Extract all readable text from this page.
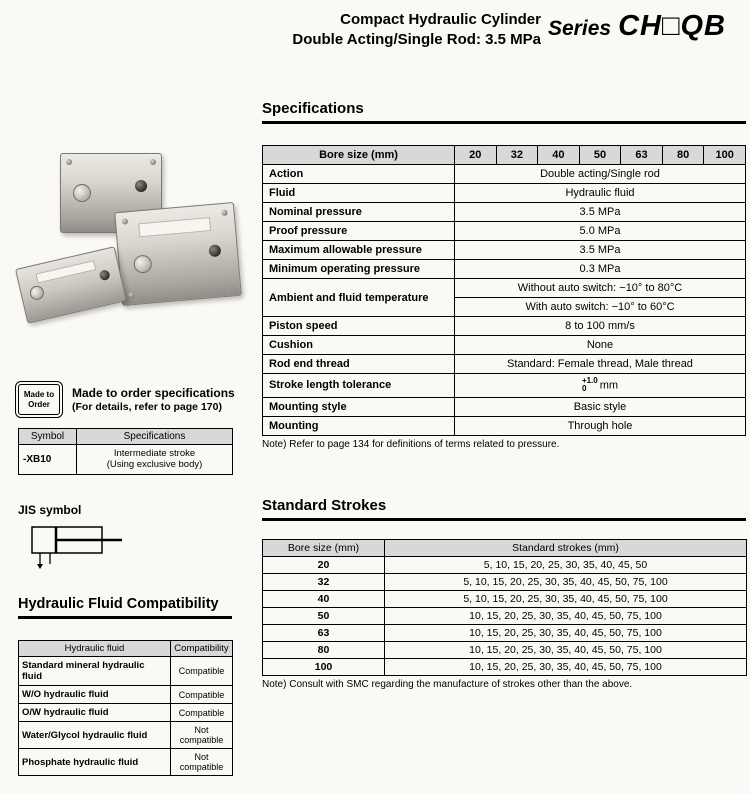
Compact Hydraulic Cylinder
Double Acting/Single Rod: 3.5 MPa Series CH□QB
Made to
Order
Made to order specifications
(For details, refer to page 170)
Symbol	Specifications
-XB10	Intermediate stroke
(Using exclusive body)
JIS symbol
Hydraulic Fluid Compatibility
Hydraulic fluid	Compatibility
Standard mineral hydraulic fluid	Compatible
W/O hydraulic fluid	Compatible
O/W hydraulic fluid	Compatible
Water/Glycol hydraulic fluid	Not compatible
Phosphate hydraulic fluid	Not compatible
Specifications
Bore size (mm)	20	32	40	50	63	80	100
Action	Double acting/Single rod						
Fluid	Hydraulic fluid						
Nominal pressure	3.5 MPa						
Proof pressure	5.0 MPa						
Maximum allowable pressure	3.5 MPa						
Minimum operating pressure	0.3 MPa						
Ambient and fluid temperature	Without auto switch: −10° to 80°C						
	With auto switch: −10° to 60°C						
Piston speed	8 to 100 mm/s						
Cushion	None						
Rod end thread	Standard: Female thread, Male thread						
Stroke length tolerance	+1.0
0 mm						
Mounting style	Basic style						
Mounting	Through hole						
Note) Refer to page 134 for definitions of terms related to pressure.
Standard Strokes
Bore size (mm)	Standard strokes (mm)
20	5, 10, 15, 20, 25, 30, 35, 40, 45, 50
32	5, 10, 15, 20, 25, 30, 35, 40, 45, 50, 75, 100
40	5, 10, 15, 20, 25, 30, 35, 40, 45, 50, 75, 100
50	10, 15, 20, 25, 30, 35, 40, 45, 50, 75, 100
63	10, 15, 20, 25, 30, 35, 40, 45, 50, 75, 100
80	10, 15, 20, 25, 30, 35, 40, 45, 50, 75, 100
100	10, 15, 20, 25, 30, 35, 40, 45, 50, 75, 100
Note) Consult with SMC regarding the manufacture of strokes other than the above.
